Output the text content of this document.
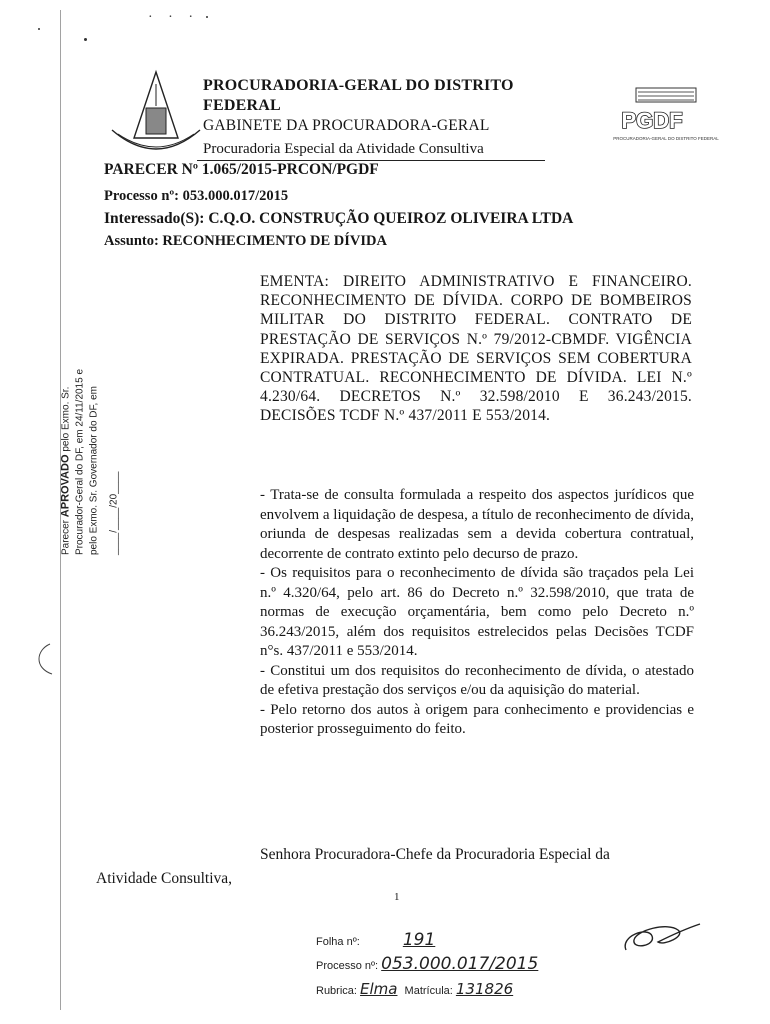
· · ·
PROCURADORIA-GERAL DO DISTRITO
FEDERAL
GABINETE DA PROCURADORA-GERAL
Procuradoria Especial da Atividade Consultiva
PGDF
PROCURADORIA-GERAL DO DISTRITO FEDERAL
PARECER Nº 1.065/2015-PRCON/PGDF
Processo nº: 053.000.017/2015
Interessado(S): C.Q.O. CONSTRUÇÃO QUEIROZ OLIVEIRA LTDA
Assunto: RECONHECIMENTO DE DÍVIDA
EMENTA: DIREITO ADMINISTRATIVO E FINANCEIRO. RECONHECIMENTO DE DÍVIDA. CORPO DE BOMBEIROS MILITAR DO DISTRITO FEDERAL. CONTRATO DE PRESTAÇÃO DE SERVIÇOS N.º 79/2012-CBMDF. VIGÊNCIA EXPIRADA. PRESTAÇÃO DE SERVIÇOS SEM COBERTURA CONTRATUAL. RECONHECIMENTO DE DÍVIDA. LEI N.º 4.230/64. DECRETOS N.º 32.598/2010 E 36.243/2015. DECISÕES TCDF N.º 437/2011 E 553/2014.

- Trata-se de consulta formulada a respeito dos aspectos jurídicos que envolvem a liquidação de despesa, a título de reconhecimento de dívida, oriunda de despesas realizadas sem a devida cobertura contratual, decorrente de contrato extinto pelo decurso de prazo.

- Os requisitos para o reconhecimento de dívida são traçados pela Lei n.º 4.320/64, pelo art. 86 do Decreto n.º 32.598/2010, que trata de normas de execução orçamentária, bem como pelo Decreto n.º 36.243/2015, além dos requisitos estrelecidos pelas Decisões TCDF n°s. 437/2011 e 553/2014.

- Constitui um dos requisitos do reconhecimento de dívida, o atestado de efetiva prestação dos serviços e/ou da aquisição do material.

- Pelo retorno dos autos à origem para conhecimento e providencias e posterior prosseguimento do feito.

Senhora Procuradora-Chefe da Procuradoria Especial da
Atividade Consultiva,
1
Folha nº:	191
Processo nº: 053.000.017/2015
Rubrica: Elma Matrícula: 131826
Parecer APROVADO pelo Exmo. Sr. Procurador-Geral do DF, em 24/11/2015 e pelo Exmo. Sr. Governador do DF, em ____/____/20____
